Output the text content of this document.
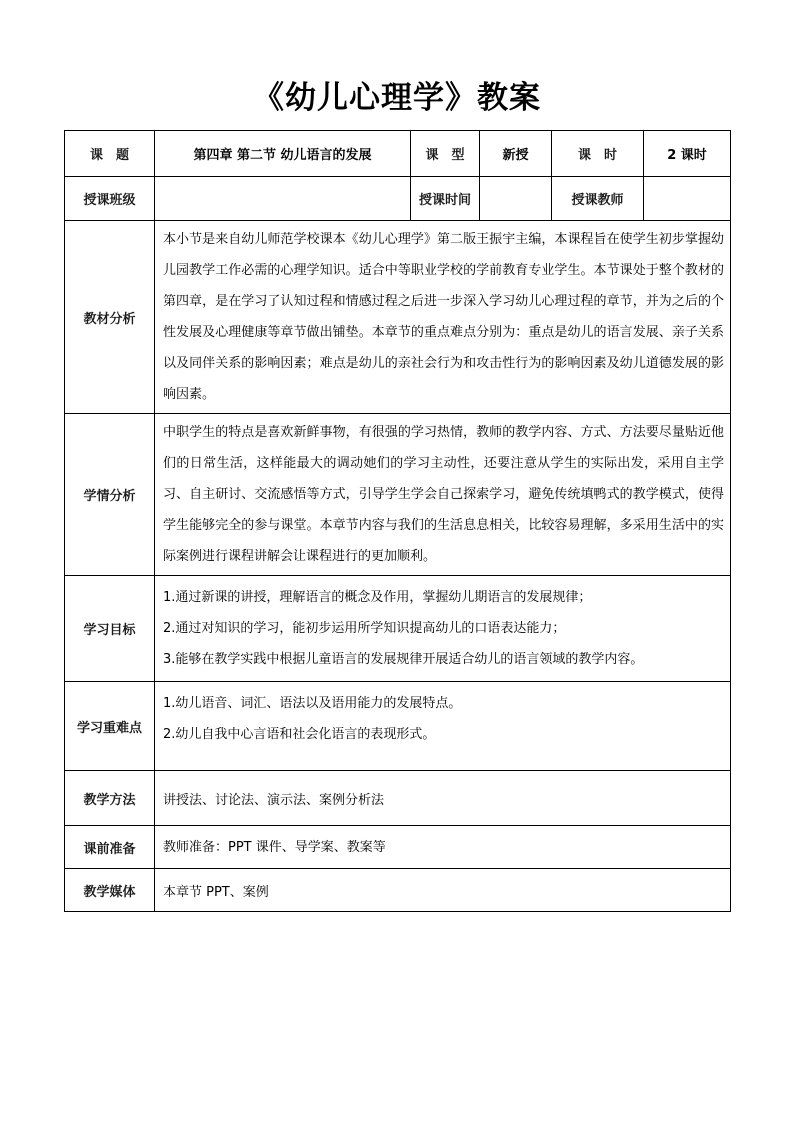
《幼儿心理学》教案
课　题	第四章 第二节 幼儿语言的发展	课　型	新授	课　时	2 课时
授课班级		授课时间		授课教师	
教材分析	本小节是来自幼儿师范学校课本《幼儿心理学》第二版王振宇主编，本课程旨在使学生初步掌握幼儿园教学工作必需的心理学知识。适合中等职业学校的学前教育专业学生。本节课处于整个教材的第四章，是在学习了认知过程和情感过程之后进一步深入学习幼儿心理过程的章节，并为之后的个性发展及心理健康等章节做出铺垫。本章节的重点难点分别为：重点是幼儿的语言发展、亲子关系以及同伴关系的影响因素；难点是幼儿的亲社会行为和攻击性行为的影响因素及幼儿道德发展的影响因素。				
学情分析	中职学生的特点是喜欢新鲜事物，有很强的学习热情，教师的教学内容、方式、方法要尽量贴近他们的日常生活，这样能最大的调动她们的学习主动性，还要注意从学生的实际出发，采用自主学习、自主研讨、交流感悟等方式，引导学生学会自己探索学习，避免传统填鸭式的教学模式，使得学生能够完全的参与课堂。本章节内容与我们的生活息息相关，比较容易理解，多采用生活中的实际案例进行课程讲解会让课程进行的更加顺利。				
学习目标	1.通过新课的讲授，理解语言的概念及作用，掌握幼儿期语言的发展规律；
2.通过对知识的学习，能初步运用所学知识提高幼儿的口语表达能力；
3.能够在教学实践中根据儿童语言的发展规律开展适合幼儿的语言领域的教学内容。				

学习重难点	1.幼儿语音、词汇、语法以及语用能力的发展特点。
2.幼儿自我中心言语和社会化语言的表现形式。				

教学方法	讲授法、讨论法、演示法、案例分析法				
课前准备	教师准备：PPT 课件、导学案、教案等				
教学媒体	本章节 PPT、案例				
